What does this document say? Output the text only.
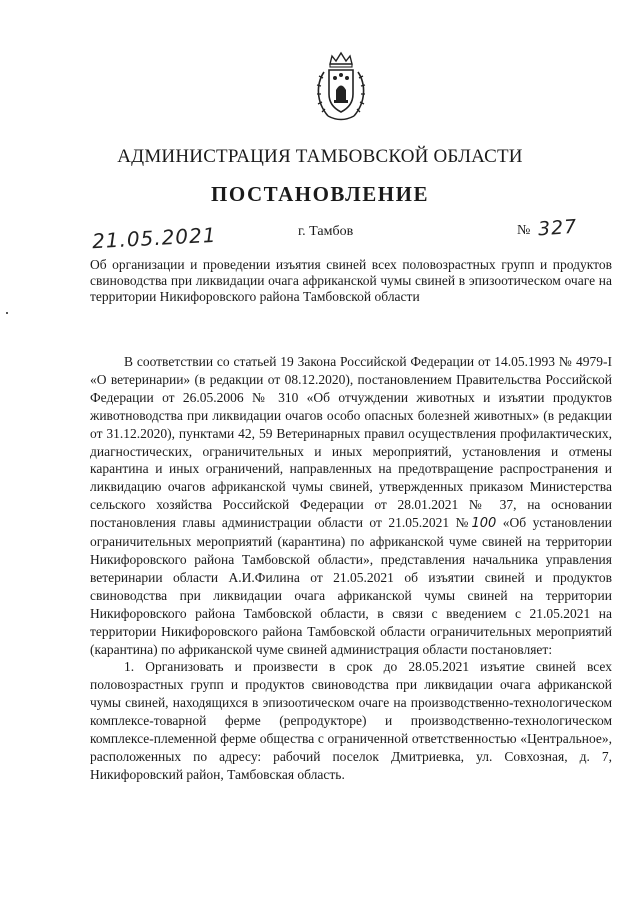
АДМИНИСТРАЦИЯ ТАМБОВСКОЙ ОБЛАСТИ
ПОСТАНОВЛЕНИЕ
21.05.2021	г. Тамбов	№ 327
Об организации и проведении изъятия свиней всех половозрастных групп и продуктов свиноводства при ликвидации очага африканской чумы свиней в эпизоотическом очаге на территории Никифоровского района Тамбовской области

В соответствии со статьей 19 Закона Российской Федерации от 14.05.1993 № 4979-I «О ветеринарии» (в редакции от 08.12.2020), постановлением Правительства Российской Федерации от 26.05.2006 № 310 «Об отчуждении животных и изъятии продуктов животноводства при ликвидации очагов особо опасных болезней животных» (в редакции от 31.12.2020), пунктами 42, 59 Ветеринарных правил осуществления профилактических, диагностических, ограничительных и иных мероприятий, установления и отмены карантина и иных ограничений, направленных на предотвращение распространения и ликвидацию очагов африканской чумы свиней, утвержденных приказом Министерства сельского хозяйства Российской Федерации от 28.01.2021 № 37, на основании постановления главы администрации области от 21.05.2021 №100 «Об установлении ограничительных мероприятий (карантина) по африканской чуме свиней на территории Никифоровского района Тамбовской области», представления начальника управления ветеринарии области А.И.Филина от 21.05.2021 об изъятии свиней и продуктов свиноводства при ликвидации очага африканской чумы свиней на территории Никифоровского района Тамбовской области, в связи с введением с 21.05.2021 на территории Никифоровского района Тамбовской области ограничительных мероприятий (карантина) по африканской чуме свиней администрация области постановляет:

1. Организовать и произвести в срок до 28.05.2021 изъятие свиней всех половозрастных групп и продуктов свиноводства при ликвидации очага африканской чумы свиней, находящихся в эпизоотическом очаге на производственно-технологическом комплексе-товарной ферме (репродукторе) и производственно-технологическом комплексе-племенной ферме общества с ограниченной ответственностью «Центральное», расположенных по адресу: рабочий поселок Дмитриевка, ул. Совхозная, д. 7, Никифоровский район, Тамбовская область.
